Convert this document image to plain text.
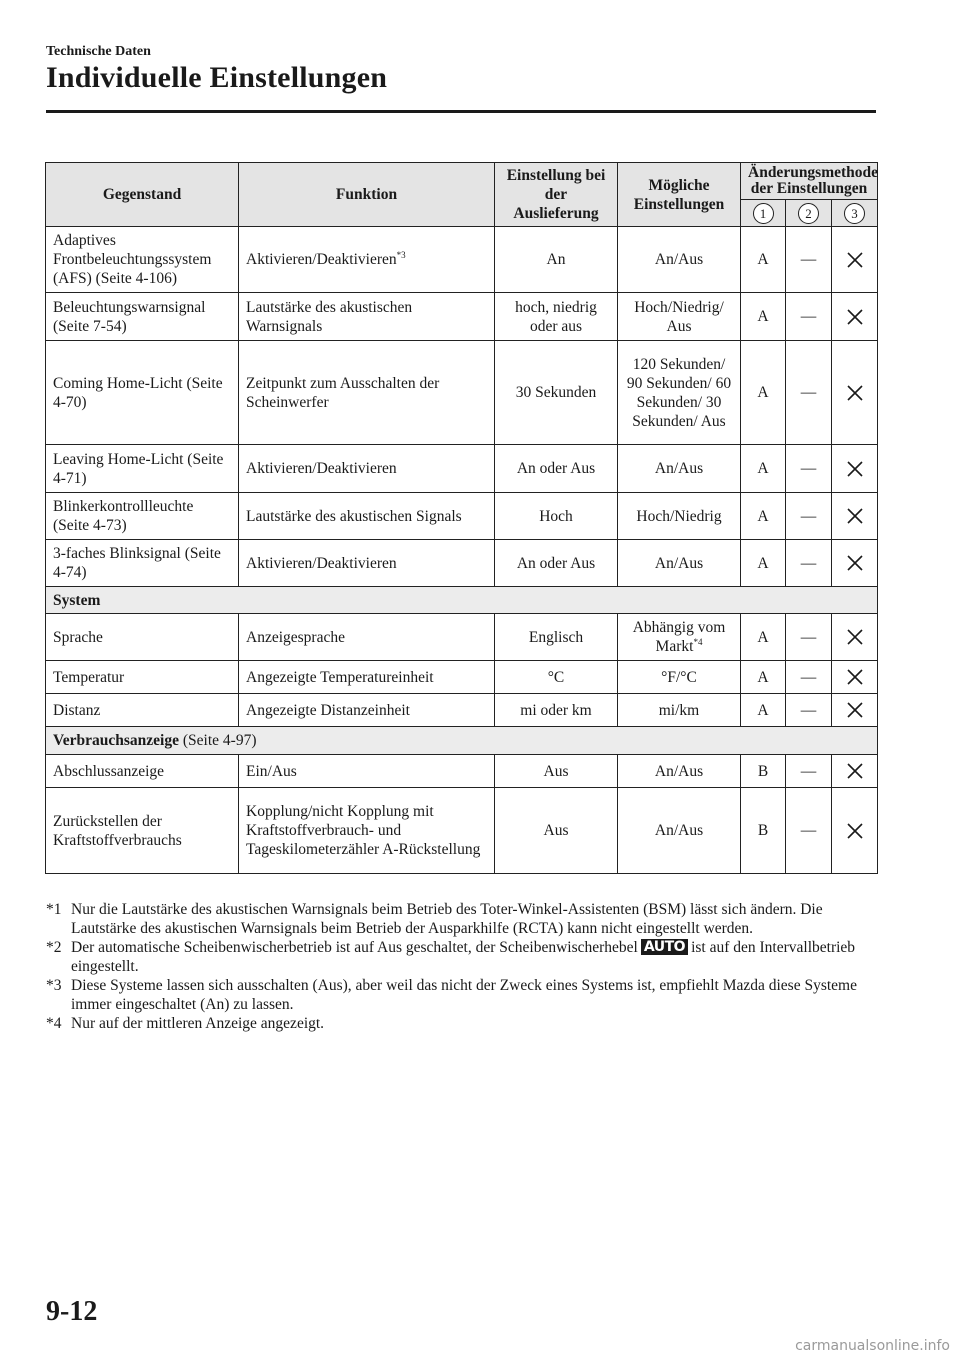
Technische Daten
Individuelle Einstellungen
Gegenstand	Funktion	Einstellung bei der Auslieferung	Mögliche Einstellungen	Änderungsmethode der Einstellungen		
				1	2	3
Adaptives Frontbeleuchtungssystem (AFS) (Seite 4-106)	Aktivieren/Deaktivieren$^{*3}$	An	An/Aus	A	—	

Beleuchtungswarnsignal (Seite 7-54)	Lautstärke des akustischen Warnsignals	hoch, niedrig oder aus	Hoch/Niedrig/ Aus	A	—	

Coming Home-Licht (Seite 4-70)	Zeitpunkt zum Ausschalten der Scheinwerfer	30 Sekunden	120 Sekunden/ 90 Sekunden/ 60 Sekunden/ 30 Sekunden/ Aus	A	—	

Leaving Home-Licht (Seite 4-71)	Aktivieren/Deaktivieren	An oder Aus	An/Aus	A	—	

Blinkerkontrollleuchte (Seite 4-73)	Lautstärke des akustischen Signals	Hoch	Hoch/Niedrig	A	—	

3-faches Blinksignal (Seite 4-74)	Aktivieren/Deaktivieren	An oder Aus	An/Aus	A	—	

System						
Sprache	Anzeigesprache	Englisch	Abhängig vom Markt$^{*4}$	A	—	

Temperatur	Angezeigte Temperatureinheit	°C	°F/°C	A	—	

Distanz	Angezeigte Distanzeinheit	mi oder km	mi/km	A	—	

Verbrauchsanzeige (Seite 4-97)						
Abschlussanzeige	Ein/Aus	Aus	An/Aus	B	—	

Zurückstellen der Kraftstoffverbrauchs	Kopplung/nicht Kopplung mit Kraftstoffverbrauch- und Tageskilometerzähler A-Rückstellung	Aus	An/Aus	B	—	
*1 Nur die Lautstärke des akustischen Warnsignals beim Betrieb des Toter-Winkel-Assistenten (BSM) lässt sich ändern. Die Lautstärke des akustischen Warnsignals beim Betrieb der Ausparkhilfe (RCTA) kann nicht eingestellt werden.
*2 Der automatische Scheibenwischerbetrieb ist auf Aus geschaltet, der Scheibenwischerhebel AUTO ist auf den Intervallbetrieb eingestellt.
*3 Diese Systeme lassen sich ausschalten (Aus), aber weil das nicht der Zweck eines Systems ist, empfiehlt Mazda diese Systeme immer eingeschaltet (An) zu lassen.
*4 Nur auf der mittleren Anzeige angezeigt.
9-12
carmanualsonline.info
